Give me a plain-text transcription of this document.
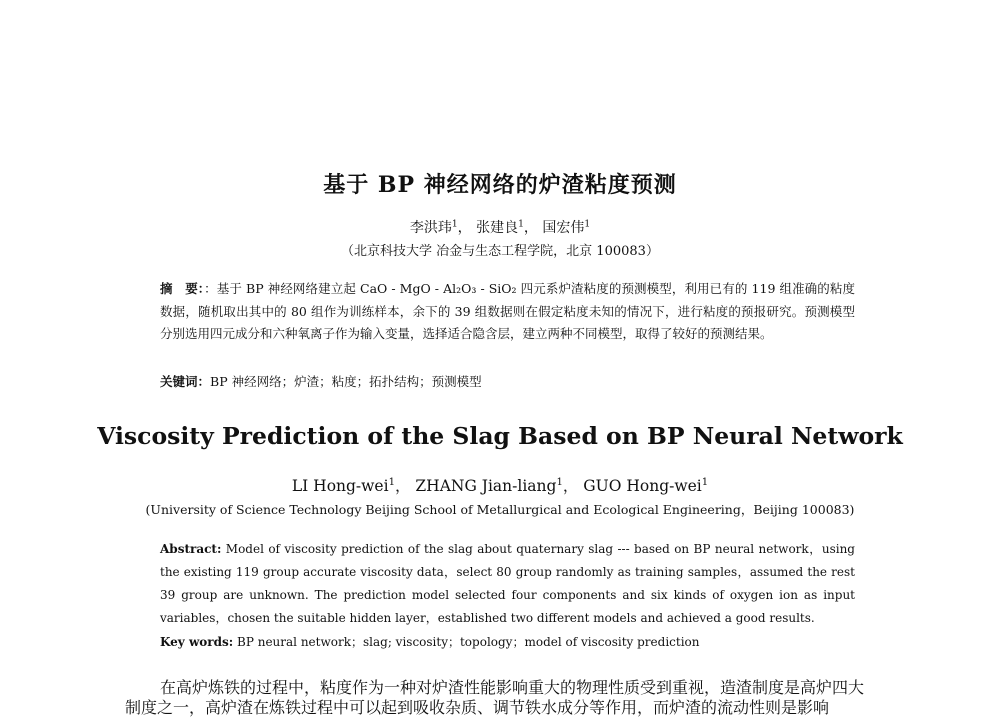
基于 BP 神经网络的炉渣粘度预测
李洪玮$^1$， 张建良$^1$， 国宏伟$^1$
（北京科技大学 冶金与生态工程学院，北京 100083）
摘　要：：基于 BP 神经网络建立起 CaO - MgO - Al₂O₃ - SiO₂ 四元系炉渣粘度的预测模型，利用已有的 119 组准确的粘度数据，随机取出其中的 80 组作为训练样本，余下的 39 组数据则在假定粘度未知的情况下，进行粘度的预报研究。预测模型分别选用四元成分和六种氧离子作为输入变量，选择适合隐含层，建立两种不同模型，取得了较好的预测结果。
关键词：BP 神经网络；炉渣；粘度；拓扑结构；预测模型
Viscosity Prediction of the Slag Based on BP Neural Network
LI Hong-wei$^1$， ZHANG Jian-liang$^1$， GUO Hong-wei$^1$
(University of Science Technology Beijing School of Metallurgical and Ecological Engineering，Beijing 100083)
Abstract: Model of viscosity prediction of the slag about quaternary slag --- based on BP neural network，using the existing 119 group accurate viscosity data，select 80 group randomly as training samples，assumed the rest 39 group are unknown. The prediction model selected four components and six kinds of oxygen ion as input variables，chosen the suitable hidden layer，established two different models and achieved a good results.
Key words: BP neural network；slag; viscosity；topology；model of viscosity prediction
在高炉炼铁的过程中，粘度作为一种对炉渣性能影响重大的物理性质受到重视，造渣制度是高炉四大
制度之一，高炉渣在炼铁过程中可以起到吸收杂质、调节铁水成分等作用，而炉渣的流动性则是影响
